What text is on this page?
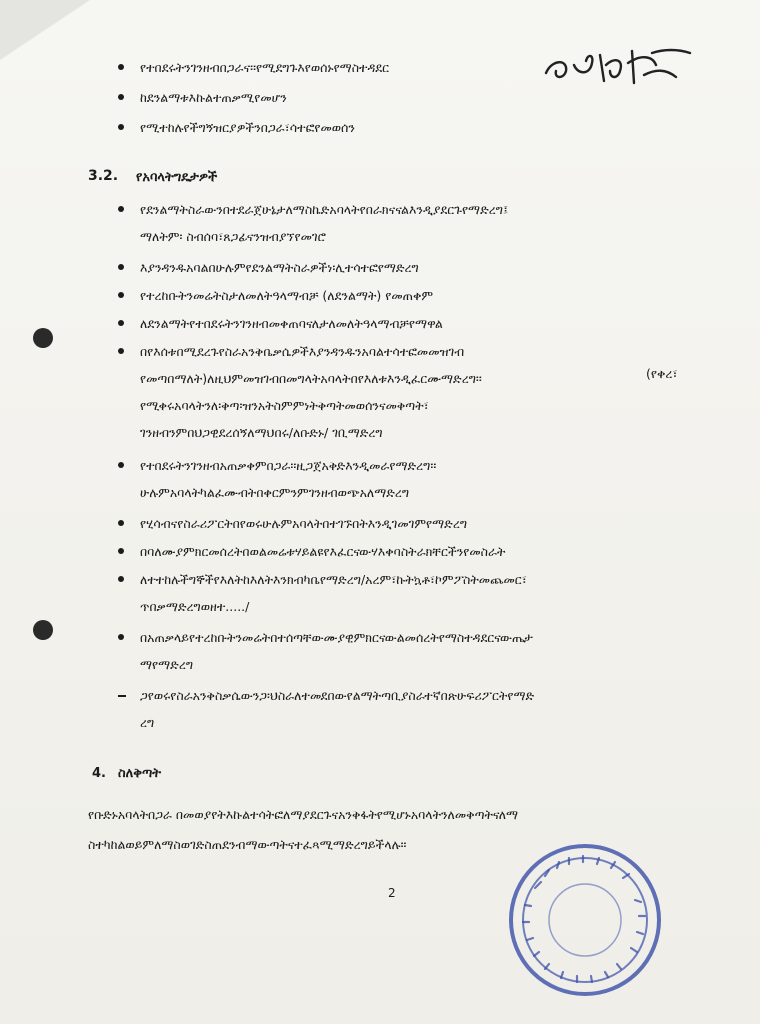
ገ/ስላሴ
የተበደሩትንገንዘብበጋራና፡፡የሚደግጉእየወሰኑየማስተዳደር
ከደንልማቱእኩልተጠቃሚየመሆን
የሚተከሉየችግኝዝርያዎችንበጋራ፣ሳተፎየመወሰን
3.2. የአባላትግዴታዎች
የደንልማትስራውንበተደራጀሁኔታለማስኬድአባላትየበራክናናልእንዲያደርጉየማድረግ፤
ማለትም፡ ስብሰባ፣ጸጋፊናንዝብያኘየመገሮ
እያንዳንዱአባልበሁሉምየደንልማትስራዎችነ፡ሊተሳተፎየማድረግ
የተረከቡትንመሬትስታለመለትዓላማብቻ (ለደንልማት) የመጠቀም
ለደንልማትየተበደሩትንገንዘብመቀጠባናለታለመለትዓላማብቻየማዋል
በየእሰቱበሚደረጉየስራአንቅቤቃሴዎችእያንዳንዱንአባልተሳተፎመመዝገብ
የመጣበማለት)ለዚህምመዝገብበመግላትአባላትበየእለቱእንዲፈርሙማድረግ፡፡
የሚቀሩአባላትንለ፡ቅጣ፡ዝንአትስምምነትቅጣትመወሰንናመቅጣት፣
ገንዘብንምበህጋዊደረሰኝለማህበሩ/ለቡድኑ/ ገቢማድረግ
(የቀረ፣
የተበደሩትንገንዘብአጠቃቀምበጋራ፡፡ዚጋጀአቅድእንዲመራየማድረግ፡፡
ሁሉምአባላትካልፈሙብትበቀርምንምገንዘብወጭአለማድረግ
የሂሳብናየስራሪፖርትበየወሩሁሉምአባላትበተገኙበትእንዲገመገምየማድረግ
በባለሙያምክርመሰረትበወልመሬቱሃይልዩየእፈርናውሃእቀባስትራክቸርችንየመስራት
ለተተከሉችግኞችየእለትከእለትእንክብካቤየማድረግ/አረም፣ኩትኳቶ፣ኮምፖስትመጨመር፣
ጥበቃማድረግወዘተ...../
በአጠቃላይየተረከቡትንመሬትበተሰጣቸውሙያዊምክርናውልመሰረትየማስተዳደርናውጤታ
ማየማድረግ
ጋየወሩየስራአንቅስቃሴውንጋ፡ህስራለተመደበውየልማትጣቢያስራተኛበጽሁፍሪፖርትየማድ
ረግ
4. ስለቅጣት
የቡድኑአባላትበጋራ በመወያየትእኩልተሳትፎለማያደርጉናአንቅፋትየሚሆኑአባላትንለመቅጣትናለማ
ስተካከልወይምለማስወገድስጠደንብማውጣትናተፈጻሚማድረግይችላሉ፡፡
2
